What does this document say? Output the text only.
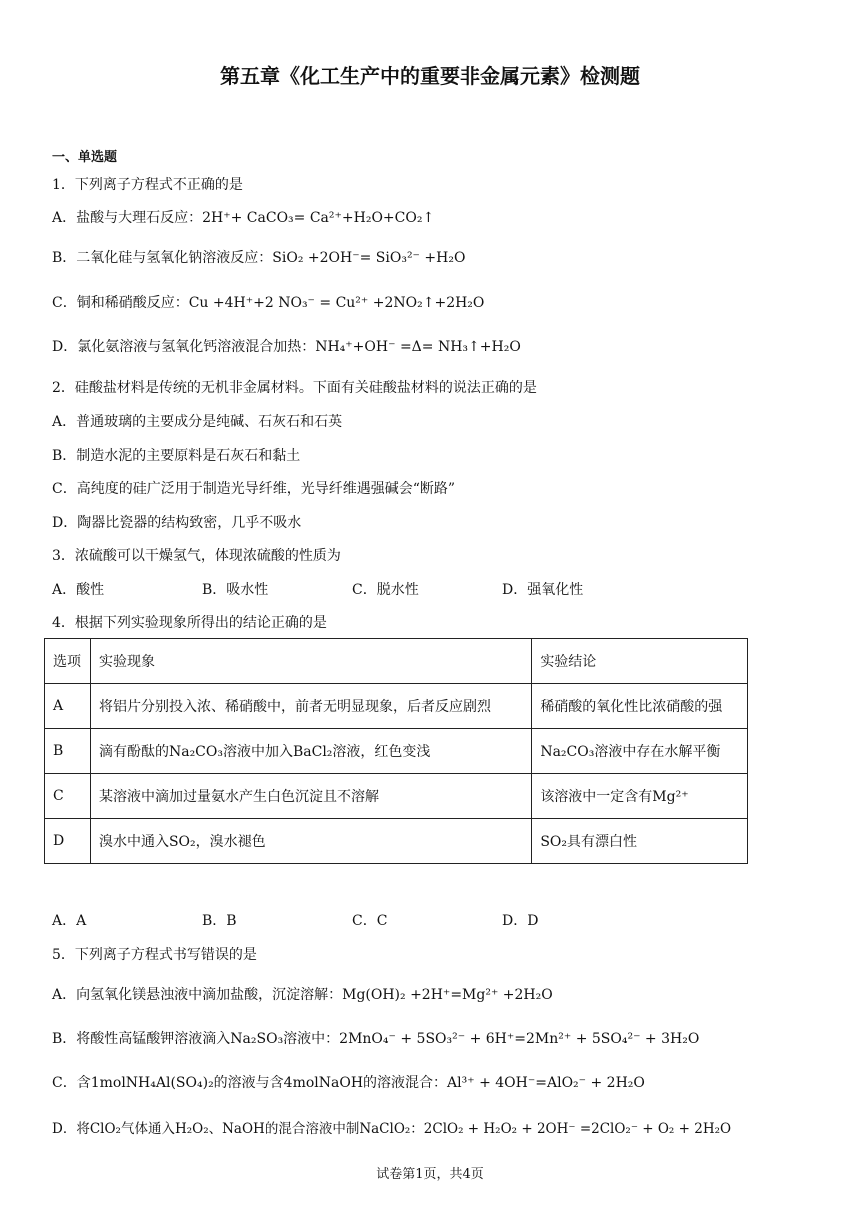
第五章《化工生产中的重要非金属元素》检测题
一、单选题
1．下列离子方程式不正确的是
A．盐酸与大理石反应：2H⁺+ CaCO₃= Ca²⁺+H₂O+CO₂↑
B．二氧化硅与氢氧化钠溶液反应：SiO₂ +2OH⁻= SiO₃²⁻ +H₂O
C．铜和稀硝酸反应：Cu +4H⁺+2 NO₃⁻ = Cu²⁺ +2NO₂↑+2H₂O
D．氯化氨溶液与氢氧化钙溶液混合加热：NH₄⁺+OH⁻ =Δ= NH₃↑+H₂O
2．硅酸盐材料是传统的无机非金属材料。下面有关硅酸盐材料的说法正确的是
A．普通玻璃的主要成分是纯碱、石灰石和石英
B．制造水泥的主要原料是石灰石和黏土
C．高纯度的硅广泛用于制造光导纤维，光导纤维遇强碱会“断路”
D．陶器比瓷器的结构致密，几乎不吸水
3．浓硫酸可以干燥氢气，体现浓硫酸的性质为
A．酸性	B．吸水性	C．脱水性	D．强氧化性
4．根据下列实验现象所得出的结论正确的是
选项	实验现象	实验结论
A	将铝片分别投入浓、稀硝酸中，前者无明显现象，后者反应剧烈	稀硝酸的氧化性比浓硝酸的强
B	滴有酚酞的Na₂CO₃溶液中加入BaCl₂溶液，红色变浅	Na₂CO₃溶液中存在水解平衡
C	某溶液中滴加过量氨水产生白色沉淀且不溶解	该溶液中一定含有Mg²⁺
D	溴水中通入SO₂，溴水褪色	SO₂具有漂白性
A．A	B．B	C．C	D．D
5．下列离子方程式书写错误的是
A．向氢氧化镁悬浊液中滴加盐酸，沉淀溶解：Mg(OH)₂ +2H⁺=Mg²⁺ +2H₂O
B．将酸性高锰酸钾溶液滴入Na₂SO₃溶液中：2MnO₄⁻ + 5SO₃²⁻ + 6H⁺=2Mn²⁺ + 5SO₄²⁻ + 3H₂O
C．含1molNH₄Al(SO₄)₂的溶液与含4molNaOH的溶液混合：Al³⁺ + 4OH⁻=AlO₂⁻ + 2H₂O
D．将ClO₂气体通入H₂O₂、NaOH的混合溶液中制NaClO₂：2ClO₂ + H₂O₂ + 2OH⁻ =2ClO₂⁻ + O₂ + 2H₂O
试卷第1页，共4页
